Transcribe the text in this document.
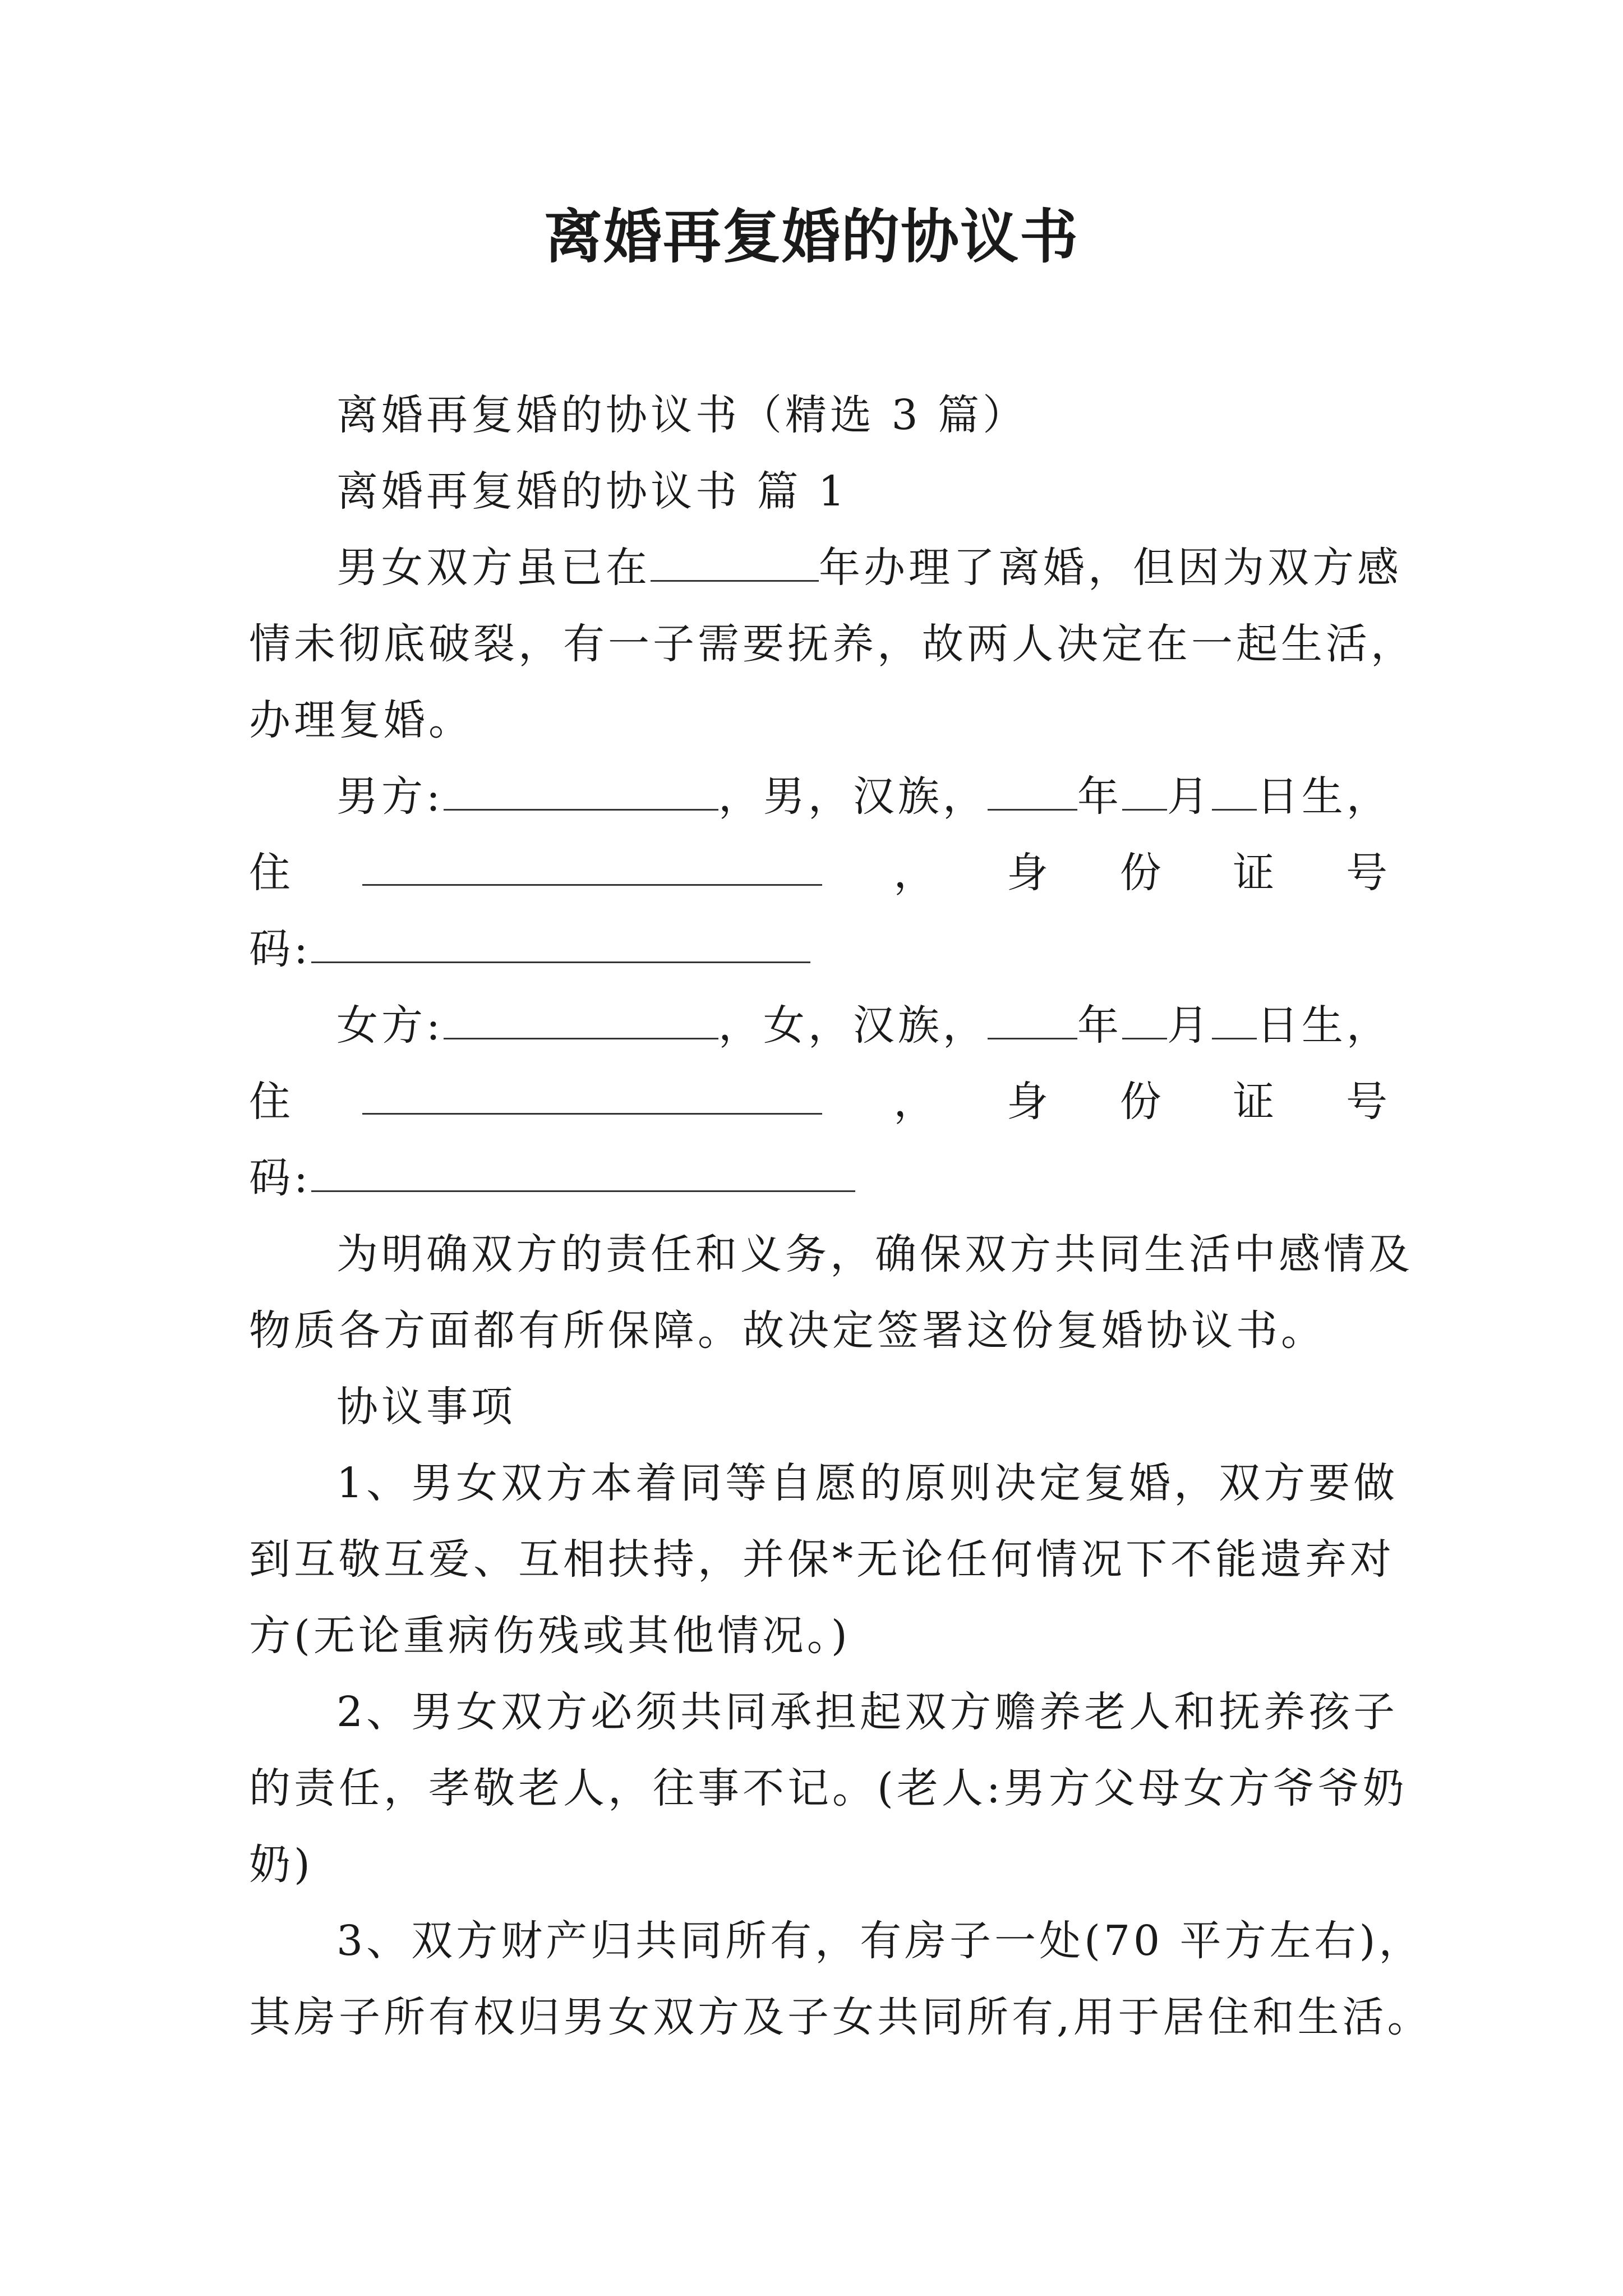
离婚再复婚的协议书
离婚再复婚的协议书（精选 3 篇）
离婚再复婚的协议书 篇 1
男女双方虽已在	年办理了离婚，但因为双方感
情未彻底破裂，有一子需要抚养，故两人决定在一起生活，
办理复婚。
男方:	，男，汉族， 年 月 日生，
住	， 身 份 证 号
码:
女方:	，女，汉族， 年 月 日生，
住	， 身 份 证 号
码:
为明确双方的责任和义务，确保双方共同生活中感情及
物质各方面都有所保障。故决定签署这份复婚协议书。
协议事项
1、男女双方本着同等自愿的原则决定复婚，双方要做
到互敬互爱、互相扶持，并保*无论任何情况下不能遗弃对
方(无论重病伤残或其他情况。)
2、男女双方必须共同承担起双方赡养老人和抚养孩子
的责任，孝敬老人，往事不记。(老人:男方父母女方爷爷奶
奶)
3、双方财产归共同所有，有房子一处(70 平方左右)，
其房子所有权归男女双方及子女共同所有,用于居住和生活。
